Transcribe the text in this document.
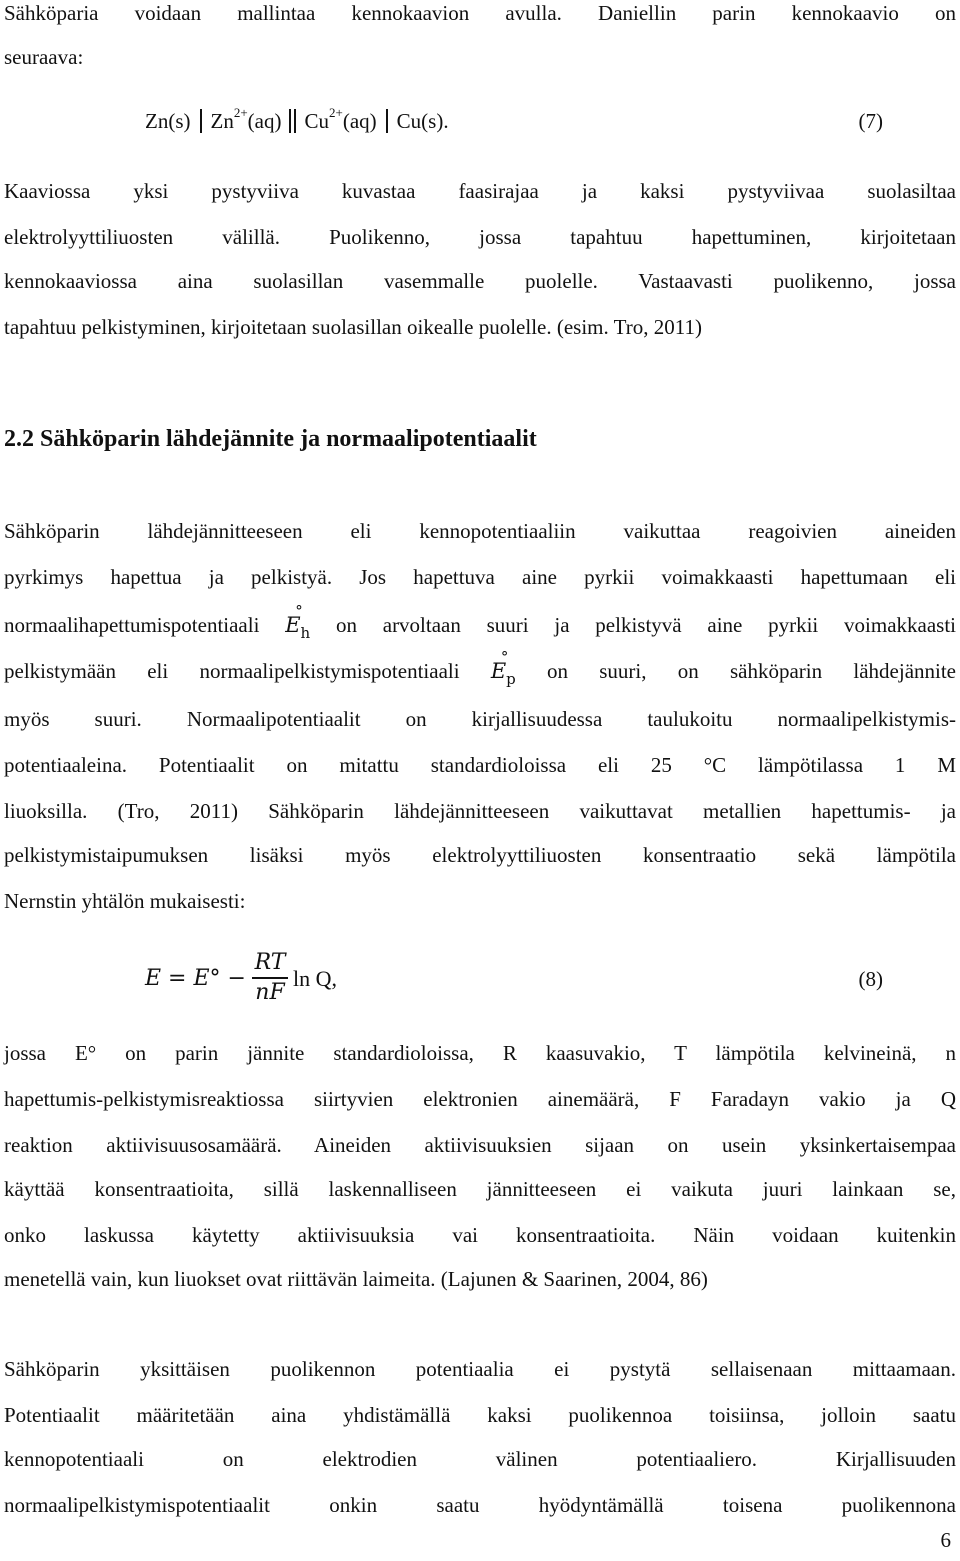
Sähköparia voidaan mallintaa kennokaavion avulla. Daniellin parin kennokaavio on
seuraava:
Zn(s) $Zn^{2+}(aq)$ $Cu^{2+}(aq)$ Cu(s).	(7)
Kaaviossa yksi pystyviiva kuvastaa faasirajaa ja kaksi pystyviivaa suolasiltaa
elektrolyyttiliuosten välillä. Puolikenno, jossa tapahtuu hapettuminen, kirjoitetaan
kennokaaviossa aina suolasillan vasemmalle puolelle. Vastaavasti puolikenno, jossa
tapahtuu pelkistyminen, kirjoitetaan suolasillan oikealle puolelle. (esim. Tro, 2011)
2.2 Sähköparin lähdejännite ja normaalipotentiaalit
Sähköparin lähdejännitteeseen eli kennopotentiaaliin vaikuttaa reagoivien aineiden
pyrkimys hapettua ja pelkistyä. Jos hapettuva aine pyrkii voimakkaasti hapettumaan eli
normaalihapettumispotentiaali E
°
$_h$ on arvoltaan suuri ja pelkistyvä aine pyrkii voimakkaasti
pelkistymään eli normaalipelkistymispotentiaali E
°
$_p$ on suuri, on sähköparin lähdejännite
myös suuri. Normaalipotentiaalit on kirjallisuudessa taulukoitu normaalipelkistymis-
potentiaaleina. Potentiaalit on mitattu standardioloissa eli 25 °C lämpötilassa 1 M
liuoksilla. (Tro, 2011) Sähköparin lähdejännitteeseen vaikuttavat metallien hapettumis- ja
pelkistymistaipumuksen lisäksi myös elektrolyyttiliuosten konsentraatio sekä lämpötila
Nernstin yhtälön mukaisesti:
E = E° −
RT
nF
ln Q,	(8)
jossa E° on parin jännite standardioloissa, R kaasuvakio, T lämpötila kelvineinä, n
hapettumis-pelkistymisreaktiossa siirtyvien elektronien ainemäärä, F Faradayn vakio ja Q
reaktion aktiivisuusosamäärä. Aineiden aktiivisuuksien sijaan on usein yksinkertaisempaa
käyttää konsentraatioita, sillä laskennalliseen jännitteeseen ei vaikuta juuri lainkaan se,
onko laskussa käytetty aktiivisuuksia vai konsentraatioita. Näin voidaan kuitenkin
menetellä vain, kun liuokset ovat riittävän laimeita. (Lajunen & Saarinen, 2004, 86)
Sähköparin yksittäisen puolikennon potentiaalia ei pystytä sellaisenaan mittaamaan.
Potentiaalit määritetään aina yhdistämällä kaksi puolikennoa toisiinsa, jolloin saatu
kennopotentiaali on elektrodien välinen potentiaaliero. Kirjallisuuden
normaalipelkistymispotentiaalit onkin saatu hyödyntämällä toisena puolikennona
6
